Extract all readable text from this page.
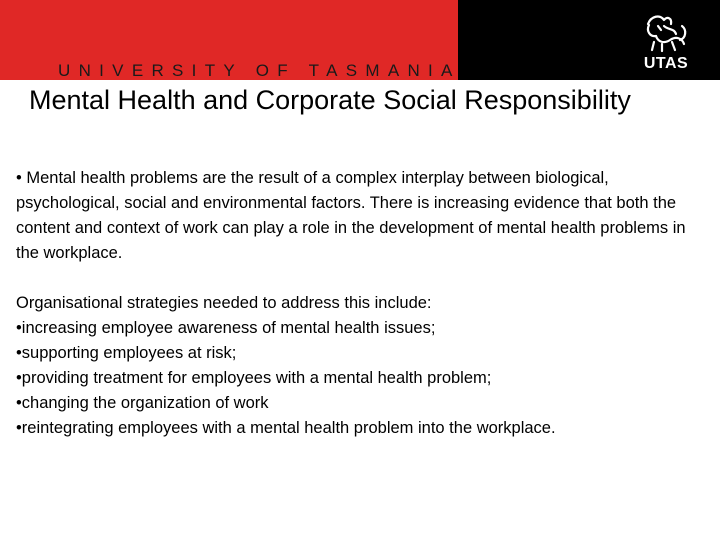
UNIVERSITY OF TASMANIA	UTAS
Mental Health and Corporate Social Responsibility

• Mental health problems are the result of a complex interplay between biological, psychological, social and environmental factors. There is increasing evidence that both the content and context of work can play a role in the development of mental health problems in the workplace.

Organisational strategies needed to address this include:

•increasing employee awareness of mental health issues;

•supporting employees at risk;

•providing treatment for employees with a mental health problem;

•changing the organization of work

•reintegrating employees with a mental health problem into the workplace.
